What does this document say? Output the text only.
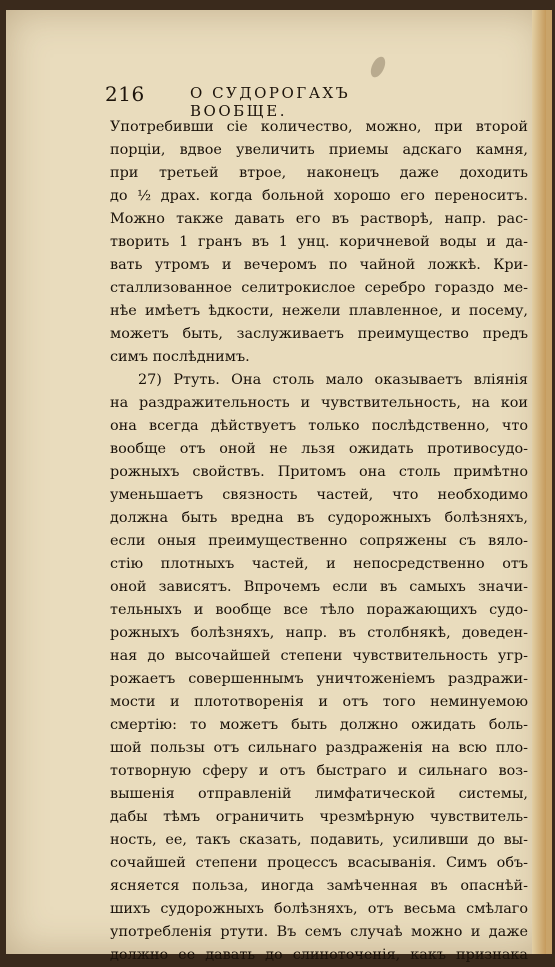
216	О СУДОРОГАХЪ ВООБЩЕ.
Употребивши сіе количество, можно, при второй
порціи, вдвое увеличить приемы адскаго камня,
при третьей втрое, наконецъ даже доходить
до ½ драх. когда больной хорошо его переноситъ.
Можно также давать его въ растворѣ, напр. рас-
творить 1 гранъ въ 1 унц. коричневой воды и да-
вать утромъ и вечеромъ по чайной ложкѣ. Кри-
сталлизованное селитрокислое серебро гораздо ме-
нѣе имѣетъ ѣдкости, нежели плавленное, и посему,
можетъ быть, заслуживаетъ преимущество предъ
симъ послѣднимъ.
27) Ртуть. Она столь мало оказываетъ вліянія
на раздражительность и чувствительность, на кои
она всегда дѣйствуетъ только послѣдственно, что
вообще отъ оной не льзя ожидать противосудо-
рожныхъ свойствъ. Притомъ она столь примѣтно
уменьшаетъ связность частей, что необходимо
должна быть вредна въ судорожныхъ болѣзняхъ,
если оныя преимущественно сопряжены съ вяло-
стію плотныхъ частей, и непосредственно отъ
оной зависятъ. Впрочемъ если въ самыхъ значи-
тельныхъ и вообще все тѣло поражающихъ судо-
рожныхъ болѣзняхъ, напр. въ столбнякѣ, доведен-
ная до высочайшей степени чувствительность угр-
рожаетъ совершеннымъ уничтоженіемъ раздражи-
мости и плототворенія и отъ того неминуемою
смертію: то можетъ быть должно ожидать боль-
шой пользы отъ сильнаго раздраженія на всю пло-
тотворную сферу и отъ быстраго и сильнаго воз-
вышенія отправленій лимфатической системы,
дабы тѣмъ ограничить чрезмѣрную чувствитель-
ность, ее, такъ сказать, подавить, усиливши до вы-
сочайшей степени процессъ всасыванія. Симъ объ-
ясняется польза, иногда замѣченная въ опаснѣй-
шихъ судорожныхъ болѣзняхъ, отъ весьма смѣлаго
употребленія ртути. Въ семъ случаѣ можно и даже
должно ее давать до слиноточенія, какъ признака
